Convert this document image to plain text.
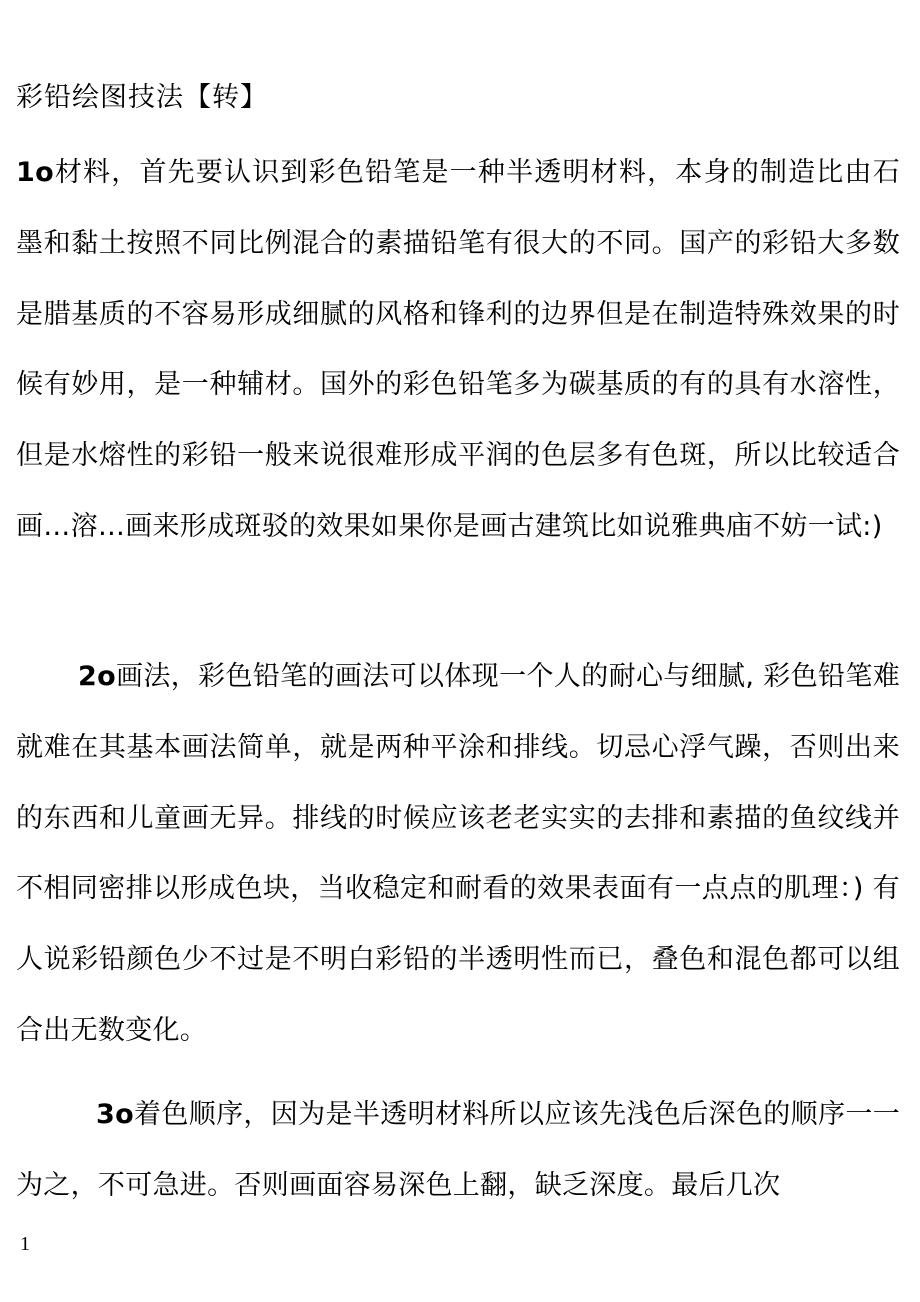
彩铅绘图技法【转】

1o材料，首先要认识到彩色铅笔是一种半透明材料，本身的制造比由石墨和黏土按照不同比例混合的素描铅笔有很大的不同。国产的彩铅大多数是腊基质的不容易形成细腻的风格和锋利的边界但是在制造特殊效果的时候有妙用，是一种辅材。国外的彩色铅笔多为碳基质的有的具有水溶性，但是水熔性的彩铅一般来说很难形成平润的色层多有色斑，所以比较适合画…溶…画来形成斑驳的效果如果你是画古建筑比如说雅典庙不妨一试:)

2o画法，彩色铅笔的画法可以体现一个人的耐心与细腻, 彩色铅笔难就难在其基本画法简单，就是两种平涂和排线。切忌心浮气躁，否则出来的东西和儿童画无异。排线的时候应该老老实实的去排和素描的鱼纹线并不相同密排以形成色块，当收稳定和耐看的效果表面有一点点的肌理：) 有人说彩铅颜色少不过是不明白彩铅的半透明性而已，叠色和混色都可以组合出无数变化。

3o着色顺序，因为是半透明材料所以应该先浅色后深色的顺序一一为之，不可急进。否则画面容易深色上翻，缺乏深度。最后几次

1
